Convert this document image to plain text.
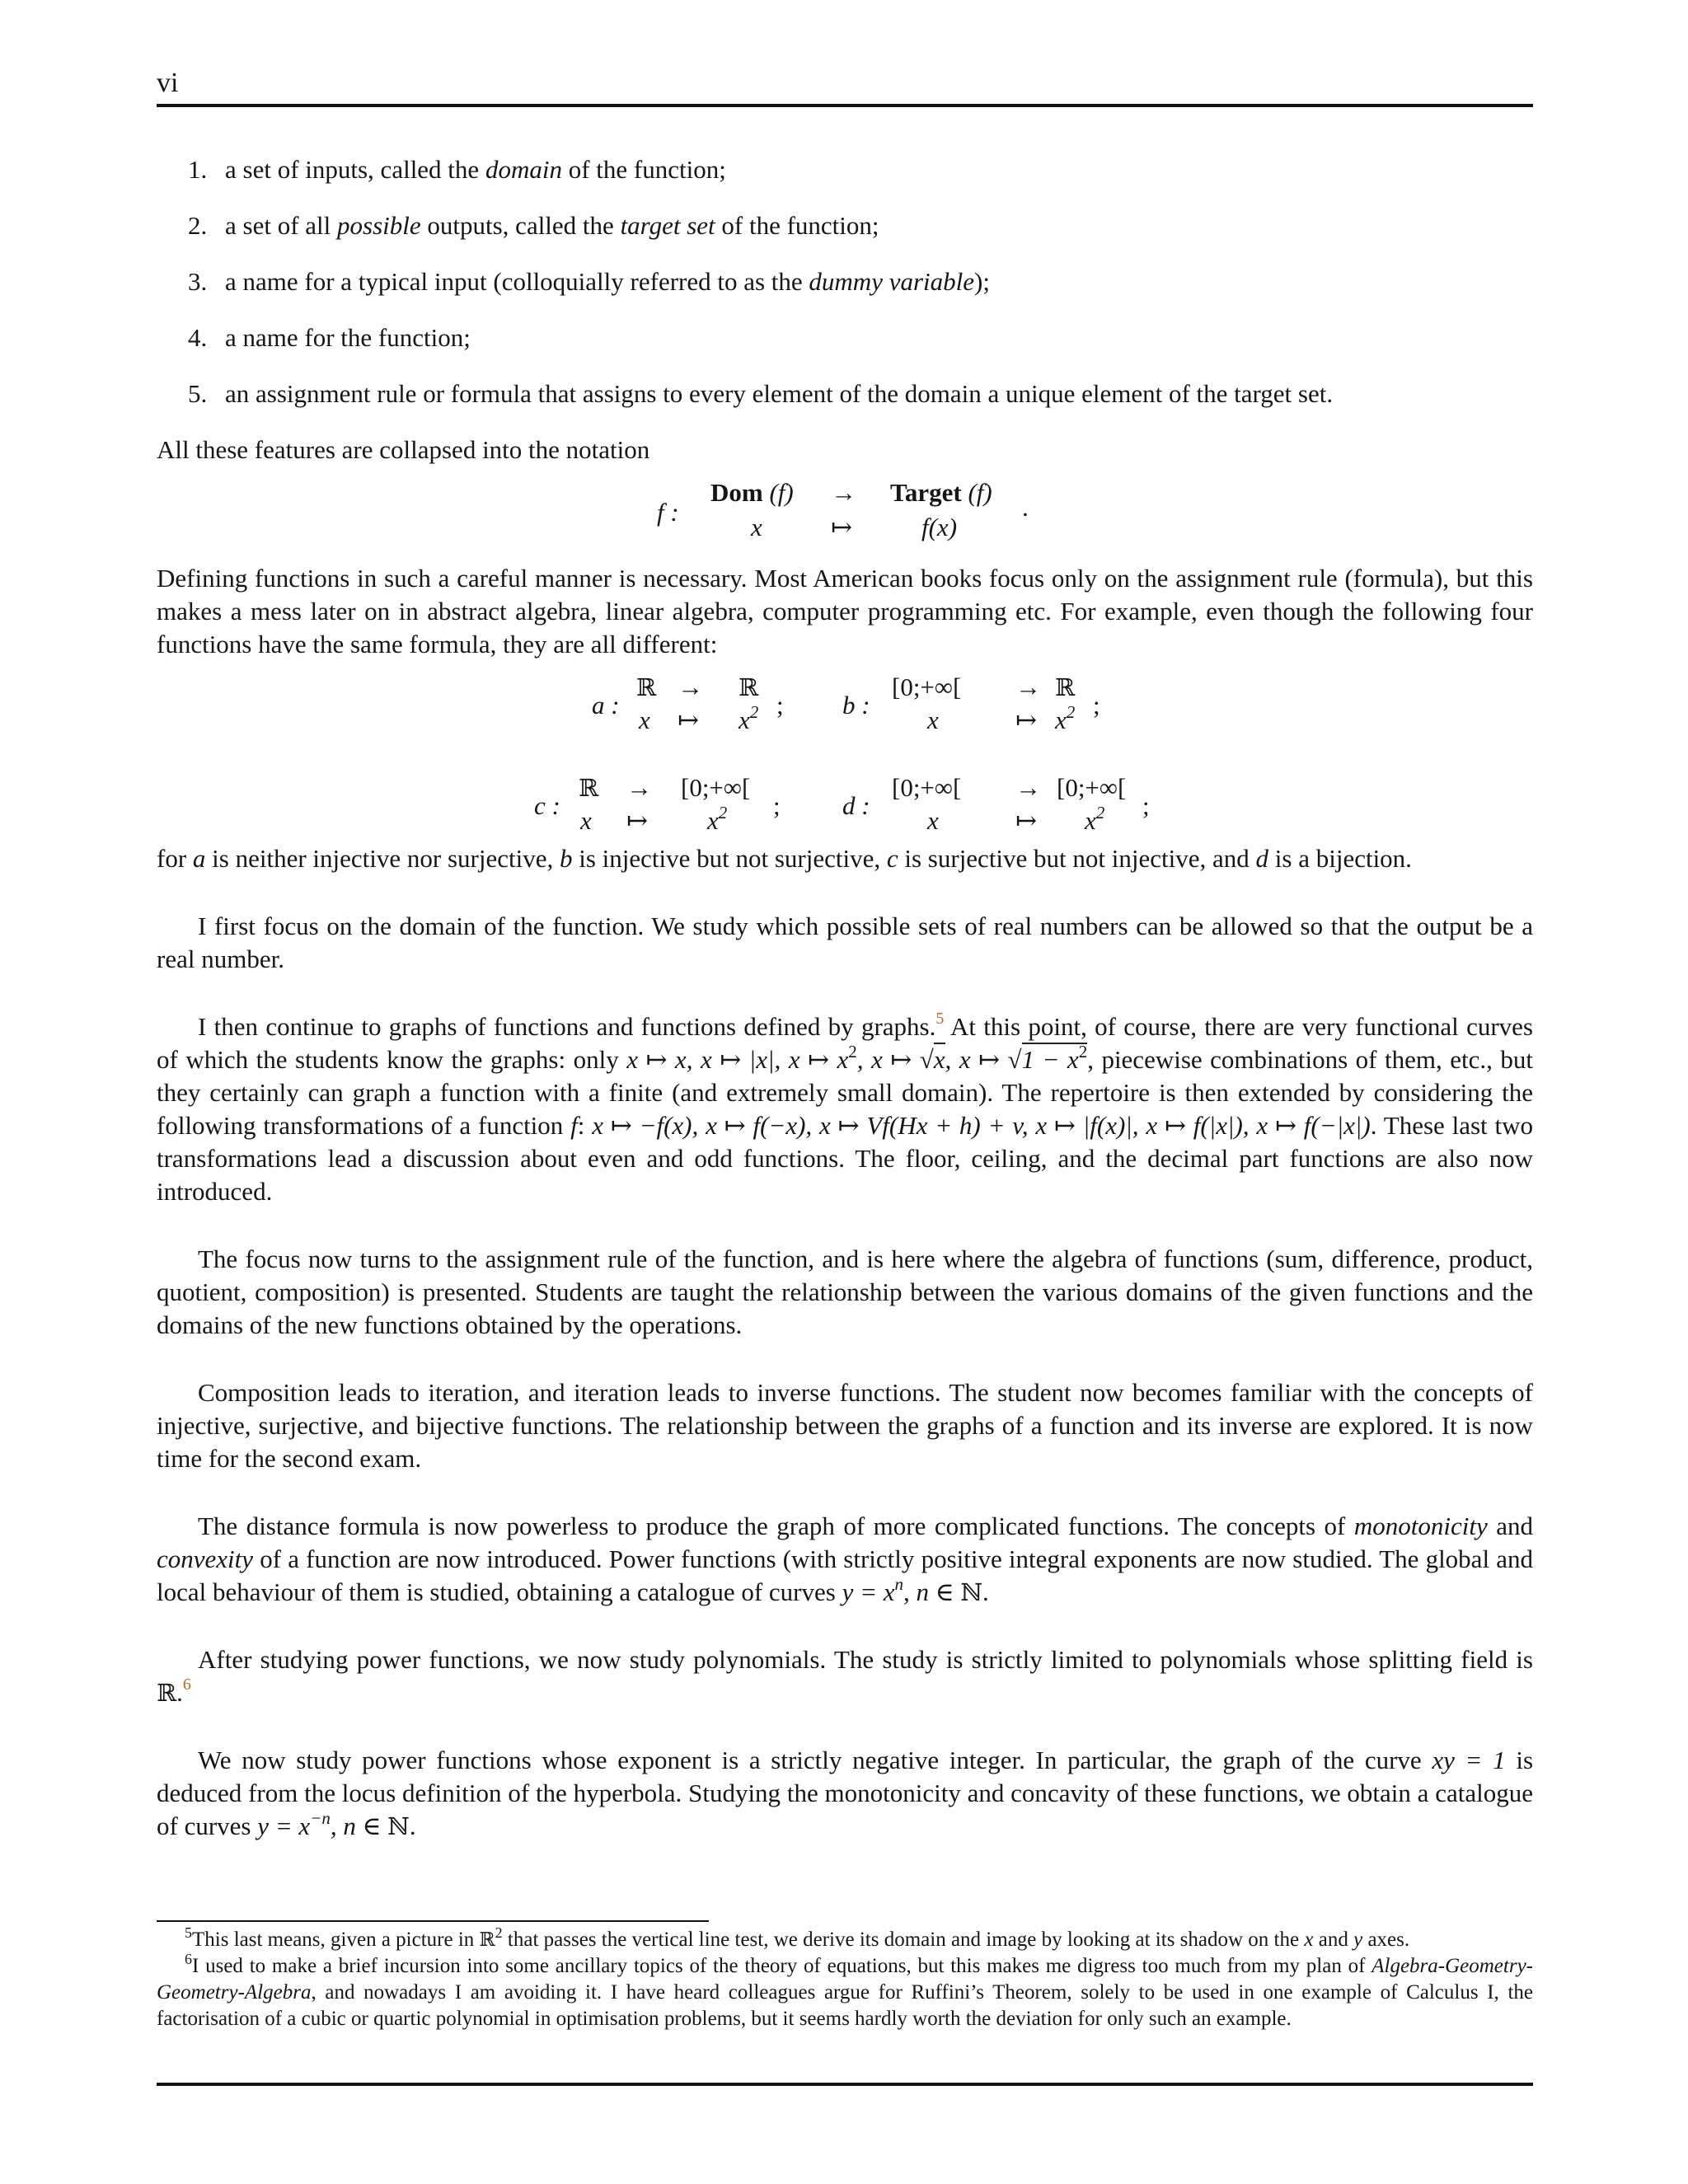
vi
1. a set of inputs, called the domain of the function;
2. a set of all possible outputs, called the target set of the function;
3. a name for a typical input (colloquially referred to as the dummy variable);
4. a name for the function;
5. an assignment rule or formula that assigns to every element of the domain a unique element of the target set.

All these features are collapsed into the notation

f :
Dom (f) → Target (f)
x	↦	f(x)
.

Defining functions in such a careful manner is necessary. Most American books focus only on the assignment rule (formula), but this makes a mess later on in abstract algebra, linear algebra, computer programming etc. For example, even though the following four functions have the same formula, they are all different:

a :
ℝ → ℝ
x ↦ $x^2$ ; b :
[0;+∞[ → ℝ
x	↦ $x^2$ ;
c :
ℝ → [0;+∞[
x ↦ $x^2$ ; d :
[0;+∞[ → [0;+∞[
x	↦ $x^2$ ;

for a is neither injective nor surjective, b is injective but not surjective, c is surjective but not injective, and d is a bijection.

I first focus on the domain of the function. We study which possible sets of real numbers can be allowed so that the output be a real number.

I then continue to graphs of functions and functions defined by graphs.$^5$ At this point, of course, there are very functional curves of which the students know the graphs: only x ↦ x, x ↦ |x|, x ↦ $x^2$, x ↦ √x, x ↦ $√1 - x^2$, piecewise combinations of them, etc., but they certainly can graph a function with a finite (and extremely small domain). The repertoire is then extended by considering the following transformations of a function f: x ↦ −f(x), x ↦ f(−x), x ↦ Vf(Hx + h) + v, x ↦ |f(x)|, x ↦ f(|x|), x ↦ f(−|x|). These last two transformations lead a discussion about even and odd functions. The floor, ceiling, and the decimal part functions are also now introduced.

The focus now turns to the assignment rule of the function, and is here where the algebra of functions (sum, difference, product, quotient, composition) is presented. Students are taught the relationship between the various domains of the given functions and the domains of the new functions obtained by the operations.

Composition leads to iteration, and iteration leads to inverse functions. The student now becomes familiar with the concepts of injective, surjective, and bijective functions. The relationship between the graphs of a function and its inverse are explored. It is now time for the second exam.

The distance formula is now powerless to produce the graph of more complicated functions. The concepts of monotonicity and convexity of a function are now introduced. Power functions (with strictly positive integral exponents are now studied. The global and local behaviour of them is studied, obtaining a catalogue of curves $y = x^n$, n ∈ ℕ.

After studying power functions, we now study polynomials. The study is strictly limited to polynomials whose splitting field is ℝ.$^6$

We now study power functions whose exponent is a strictly negative integer. In particular, the graph of the curve xy = 1 is deduced from the locus definition of the hyperbola. Studying the monotonicity and concavity of these functions, we obtain a catalogue of curves $y = x^{-n}$, n ∈ ℕ.

$^5$This last means, given a picture in ℝ$^2$ that passes the vertical line test, we derive its domain and image by looking at its shadow on the x and y axes.

$^6$I used to make a brief incursion into some ancillary topics of the theory of equations, but this makes me digress too much from my plan of Algebra-Geometry-Geometry-Algebra, and nowadays I am avoiding it. I have heard colleagues argue for Ruffini’s Theorem, solely to be used in one example of Calculus I, the factorisation of a cubic or quartic polynomial in optimisation problems, but it seems hardly worth the deviation for only such an example.
